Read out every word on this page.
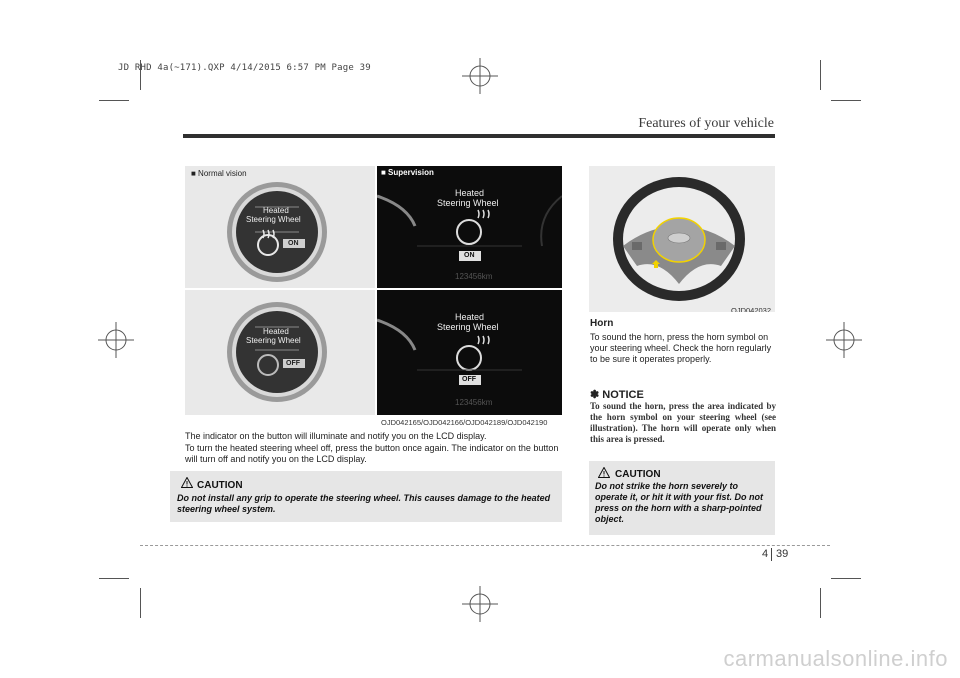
JD RHD 4a(~171).QXP 4/14/2015 6:57 PM Page 39
Features of your vehicle
■ Normal vision
Heated
Steering Wheel
ON
Heated
Steering Wheel
OFF
■ Supervision
Heated
Steering Wheel
ON
123456km
Heated
Steering Wheel
OFF
123456km
OJD042165/OJD042166/OJD042189/OJD042190
The indicator on the button will illuminate and notify you on the LCD display.
To turn the heated steering wheel off, press the button once again. The indicator on the button will turn off and notify you on the LCD display.
CAUTION
Do not install any grip to operate the steering wheel. This causes damage to the heated steering wheel system.
OJD042032
Horn
To sound the horn, press the horn symbol on your steering wheel. Check the horn regularly to be sure it operates properly.
✽ NOTICE
To sound the horn, press the area indicated by the horn symbol on your steering wheel (see illustration). The horn will operate only when this area is pressed.
CAUTION
Do not strike the horn severely to operate it, or hit it with your fist. Do not press on the horn with a sharp-pointed object.
4 39
carmanualsonline.info
